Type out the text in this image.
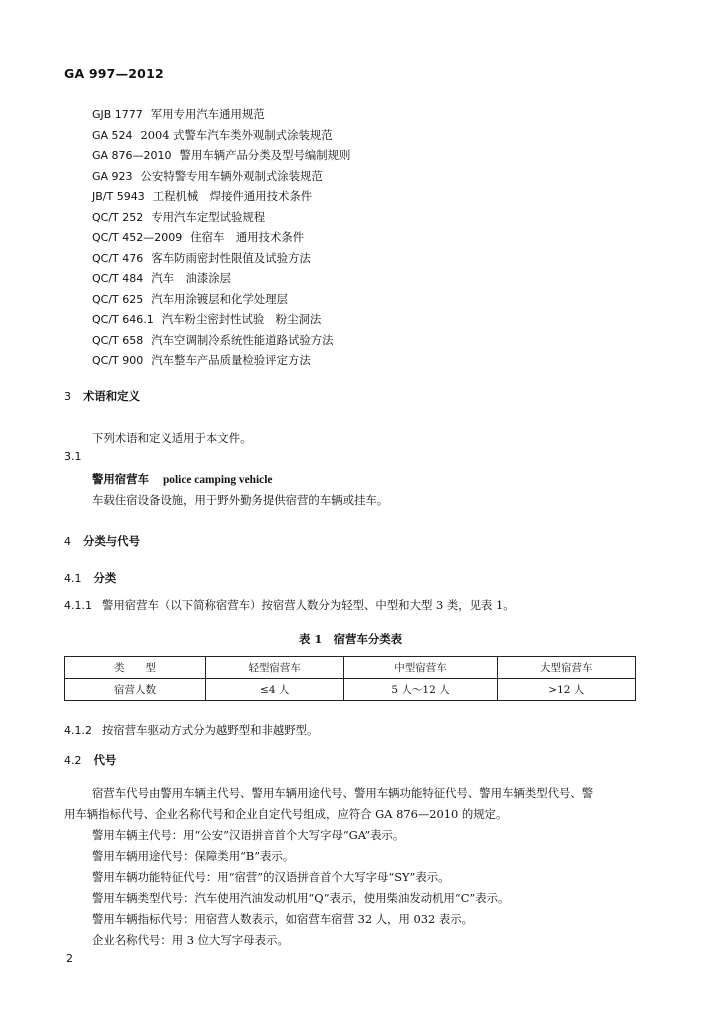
GA 997—2012
GJB 1777 军用专用汽车通用规范
GA 524 2004 式警车汽车类外观制式涂装规范
GA 876—2010 警用车辆产品分类及型号编制规则
GA 923 公安特警专用车辆外观制式涂装规范
JB/T 5943 工程机械　焊接件通用技术条件
QC/T 252 专用汽车定型试验规程
QC/T 452—2009 住宿车　通用技术条件
QC/T 476 客车防雨密封性限值及试验方法
QC/T 484 汽车　油漆涂层
QC/T 625 汽车用涂镀层和化学处理层
QC/T 646.1 汽车粉尘密封性试验　粉尘洞法
QC/T 658 汽车空调制冷系统性能道路试验方法
QC/T 900 汽车整车产品质量检验评定方法
3 术语和定义
下列术语和定义适用于本文件。
3.1
警用宿营车 police camping vehicle
车载住宿设备设施，用于野外勤务提供宿营的车辆或挂车。
4 分类与代号
4.1 分类
4.1.1 警用宿营车（以下简称宿营车）按宿营人数分为轻型、中型和大型 3 类，见表 1。
表 1　宿营车分类表
类　　型	轻型宿营车	中型宿营车	大型宿营车
宿营人数	≤4 人	5 人～12 人	>12 人
4.1.2 按宿营车驱动方式分为越野型和非越野型。
4.2 代号
宿营车代号由警用车辆主代号、警用车辆用途代号、警用车辆功能特征代号、警用车辆类型代号、警
用车辆指标代号、企业名称代号和企业自定代号组成，应符合 GA 876—2010 的规定。
警用车辆主代号：用“公安”汉语拼音首个大写字母“GA”表示。
警用车辆用途代号：保障类用“B”表示。
警用车辆功能特征代号：用“宿营”的汉语拼音首个大写字母“SY”表示。
警用车辆类型代号：汽车使用汽油发动机用“Q”表示，使用柴油发动机用“C”表示。
警用车辆指标代号：用宿营人数表示，如宿营车宿营 32 人，用 032 表示。
企业名称代号：用 3 位大写字母表示。
2
